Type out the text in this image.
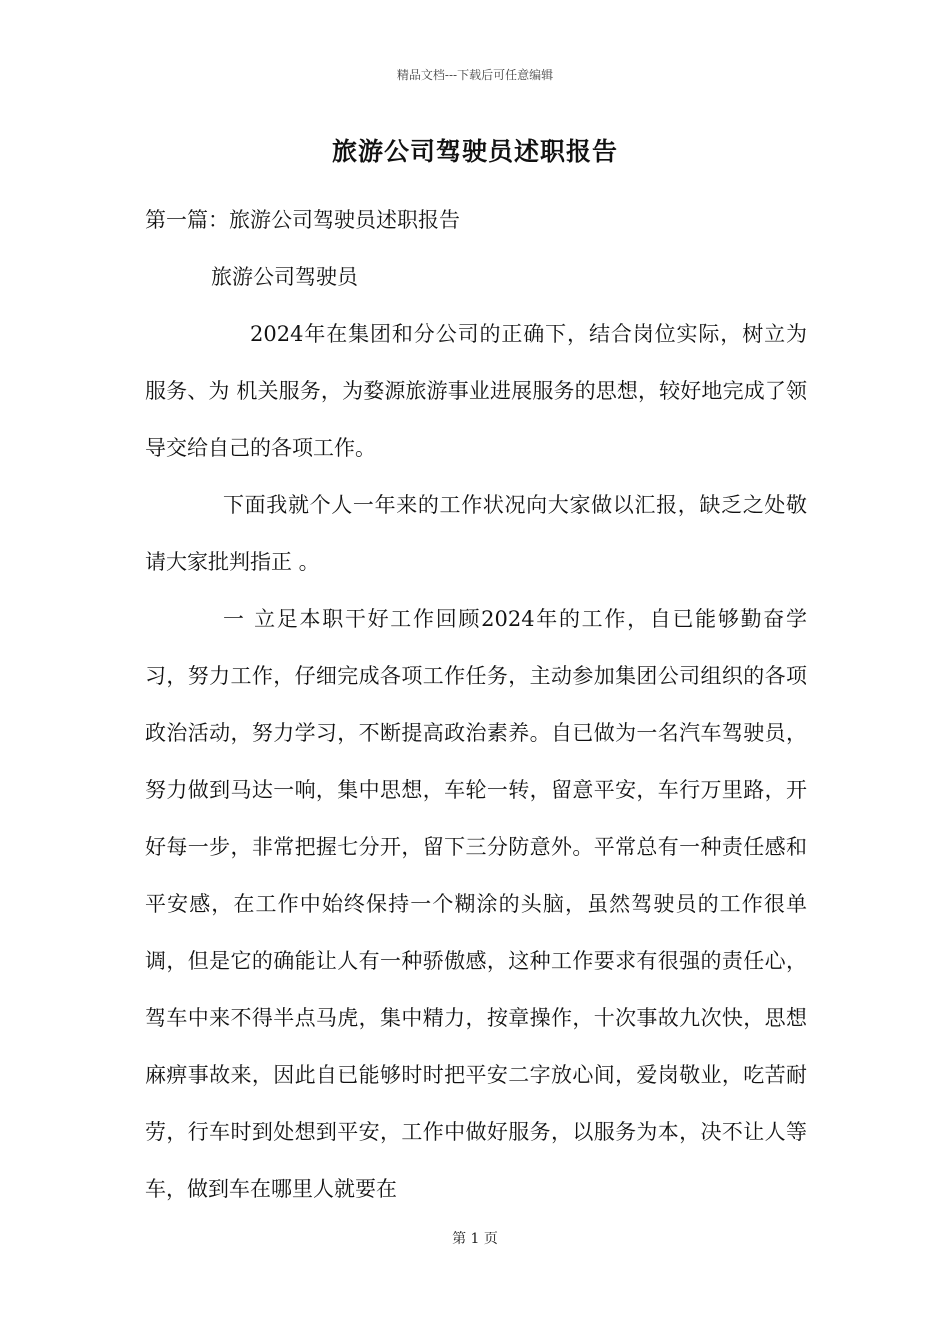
精品文档---下载后可任意编辑
旅游公司驾驶员述职报告

第一篇：旅游公司驾驶员述职报告

旅游公司驾驶员

2024年在集团和分公司的正确下，结合岗位实际，树立为服务、为 机关服务，为婺源旅游事业进展服务的思想，较好地完成了领导交给自己的各项工作。

下面我就个人一年来的工作状况向大家做以汇报，缺乏之处敬请大家批判指正 。

一 立足本职干好工作回顾2024年的工作，自已能够勤奋学习，努力工作，仔细完成各项工作任务，主动参加集团公司组织的各项政治活动，努力学习，不断提高政治素养。自已做为一名汽车驾驶员，努力做到马达一响，集中思想，车轮一转，留意平安，车行万里路，开好每一步，非常把握七分开，留下三分防意外。平常总有一种责任感和平安感，在工作中始终保持一个糊涂的头脑，虽然驾驶员的工作很单调，但是它的确能让人有一种骄傲感，这种工作要求有很强的责任心，驾车中来不得半点马虎，集中精力，按章操作，十次事故九次快，思想麻痹事故来，因此自已能够时时把平安二字放心间，爱岗敬业，吃苦耐劳，行车时到处想到平安，工作中做好服务，以服务为本，决不让人等车，做到车在哪里人就要在

第 1 页
